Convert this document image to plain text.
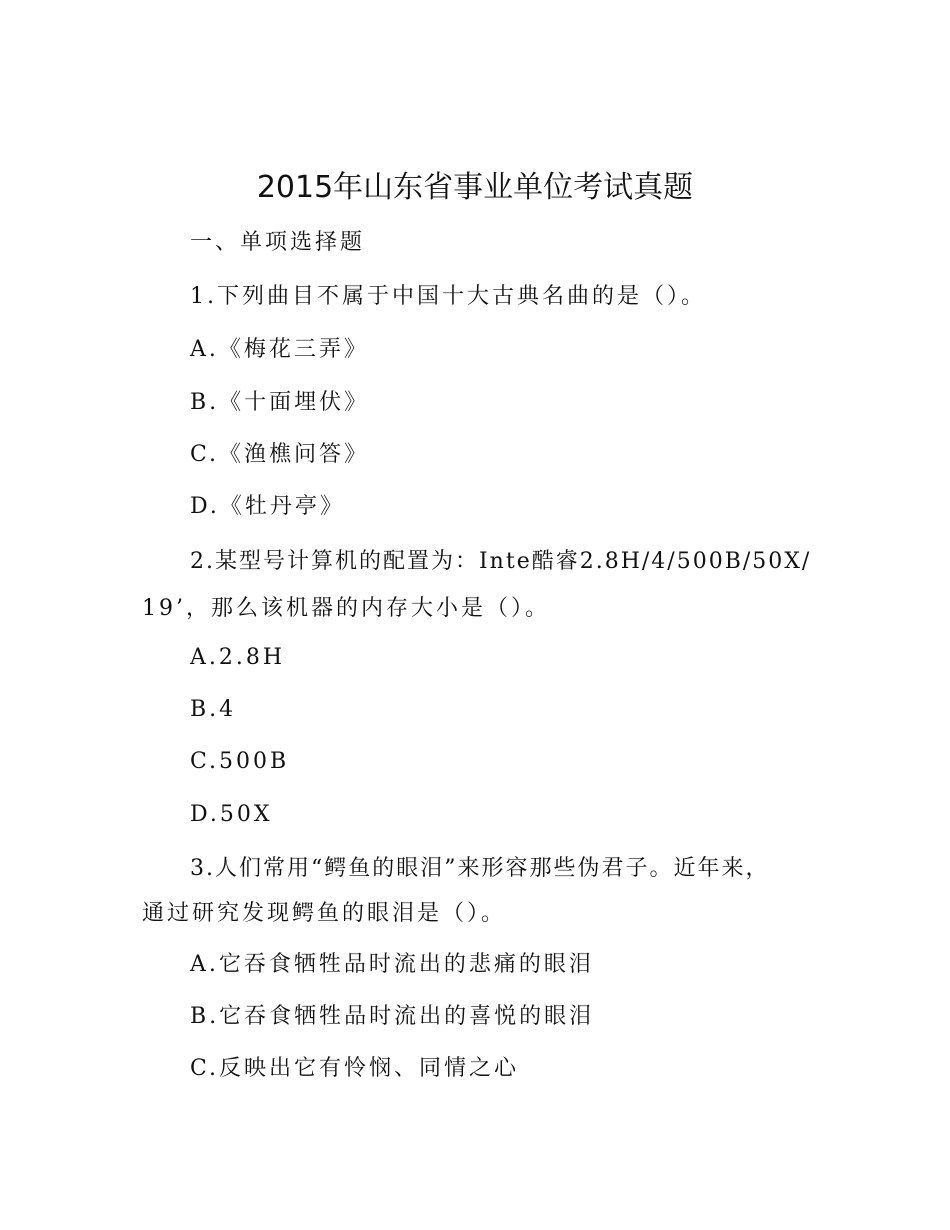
2015年山东省事业单位考试真题
一、单项选择题
1.下列曲目不属于中国十大古典名曲的是（）。
A.《梅花三弄》
B.《十面埋伏》
C.《渔樵问答》
D.《牡丹亭》
2.某型号计算机的配置为：Inte酷睿2.8H/4/500B/50X/
19’，那么该机器的内存大小是（）。
A.2.8H
B.4
C.500B
D.50X
3.人们常用“鳄鱼的眼泪”来形容那些伪君子。近年来，
通过研究发现鳄鱼的眼泪是（）。
A.它吞食牺牲品时流出的悲痛的眼泪
B.它吞食牺牲品时流出的喜悦的眼泪
C.反映出它有怜悯、同情之心
